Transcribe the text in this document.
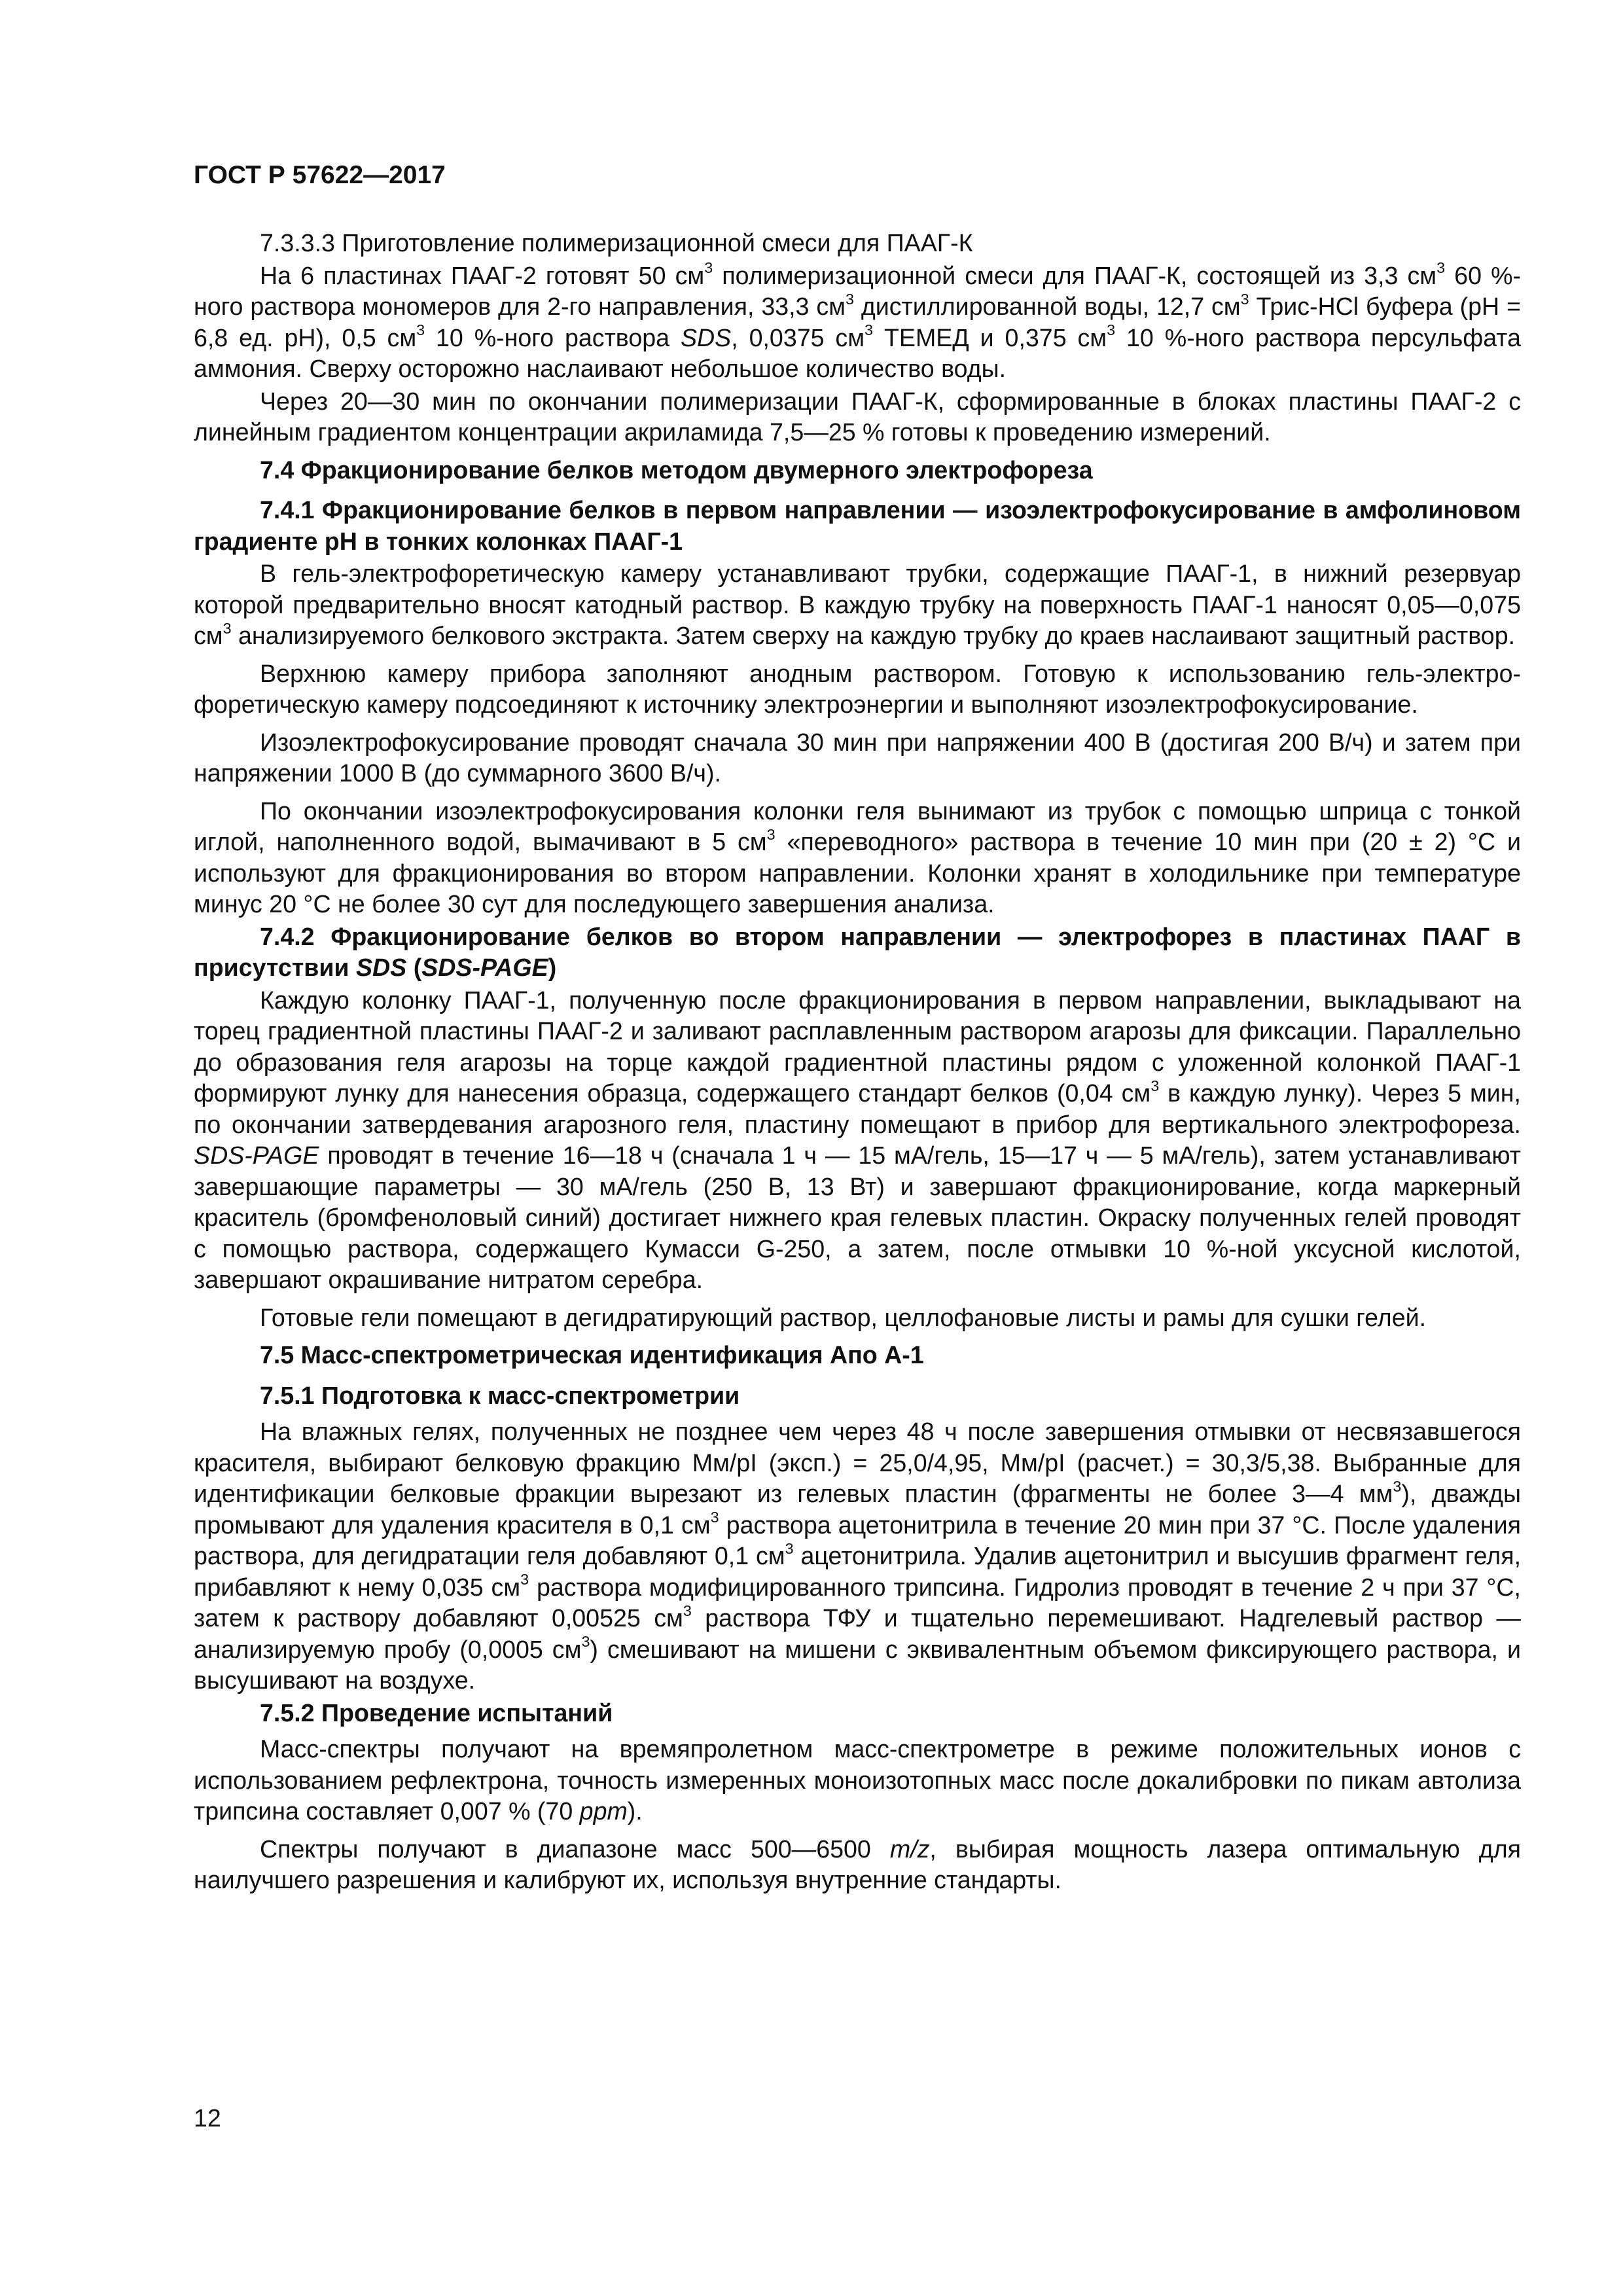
ГОСТ Р 57622—2017

7.3.3.3 Приготовление полимеризационной смеси для ПААГ-К

На 6 пластинах ПААГ-2 готовят 50 $см^3$ полимеризационной смеси для ПААГ-К, состоящей из 3,3 $см^3$ 60 %-ного раствора мономеров для 2-го направления, 33,3 $см^3$ дистиллированной воды, 12,7 $см^3$ Трис-HCl буфера (pH = 6,8 ед. pH), 0,5 $см^3$ 10 %-ного раствора SDS, 0,0375 $см^3$ ТЕМЕД и 0,375 $см^3$ 10 %-ного раствора персульфата аммония. Сверху осторожно наслаивают небольшое количество воды.

Через 20—30 мин по окончании полимеризации ПААГ-К, сформированные в блоках пластины ПААГ-2 с линейным градиентом концентрации акриламида 7,5—25 % готовы к проведению измерений.

7.4 Фракционирование белков методом двумерного электрофореза
7.4.1 Фракционирование белков в первом направлении — изоэлектрофокусирование в амфолиновом градиенте pH в тонких колонках ПААГ-1

В гель-электрофоретическую камеру устанавливают трубки, содержащие ПААГ-1, в нижний резервуар которой предварительно вносят катодный раствор. В каждую трубку на поверхность ПААГ-1 наносят 0,05—0,075 $см^3$ анализируемого белкового экстракта. Затем сверху на каждую трубку до краев наслаивают защитный раствор.

Верхнюю камеру прибора заполняют анодным раствором. Готовую к использованию гель-электрофоретическую камеру подсоединяют к источнику электроэнергии и выполняют изоэлектрофокусирование.

Изоэлектрофокусирование проводят сначала 30 мин при напряжении 400 В (достигая 200 В/ч) и затем при напряжении 1000 В (до суммарного 3600 В/ч).

По окончании изоэлектрофокусирования колонки геля вынимают из трубок с помощью шприца с тонкой иглой, наполненного водой, вымачивают в 5 $см^3$ «переводного» раствора в течение 10 мин при (20 ± 2) °С и используют для фракционирования во втором направлении. Колонки хранят в холодильнике при температуре минус 20 °С не более 30 сут для последующего завершения анализа.

7.4.2 Фракционирование белков во втором направлении — электрофорез в пластинах ПААГ в присутствии SDS (SDS-PAGE)

Каждую колонку ПААГ-1, полученную после фракционирования в первом направлении, выкладывают на торец градиентной пластины ПААГ-2 и заливают расплавленным раствором агарозы для фиксации. Параллельно до образования геля агарозы на торце каждой градиентной пластины рядом с уложенной колонкой ПААГ-1 формируют лунку для нанесения образца, содержащего стандарт белков (0,04 $см^3$ в каждую лунку). Через 5 мин, по окончании затвердевания агарозного геля, пластину помещают в прибор для вертикального электрофореза. SDS-PAGE проводят в течение 16—18 ч (сначала 1 ч — 15 мА/гель, 15—17 ч — 5 мА/гель), затем устанавливают завершающие параметры — 30 мА/гель (250 В, 13 Вт) и завершают фракционирование, когда маркерный краситель (бромфеноловый синий) достигает нижнего края гелевых пластин. Окраску полученных гелей проводят с помощью раствора, содержащего Кумасси G-250, а затем, после отмывки 10 %-ной уксусной кислотой, завершают окрашивание нитратом серебра.

Готовые гели помещают в дегидратирующий раствор, целлофановые листы и рамы для сушки гелей.

7.5 Масс-спектрометрическая идентификация Апо А-1
7.5.1 Подготовка к масс-спектрометрии

На влажных гелях, полученных не позднее чем через 48 ч после завершения отмывки от несвязавшегося красителя, выбирают белковую фракцию Мм/pI (эксп.) = 25,0/4,95, Мм/pI (расчет.) = 30,3/5,38. Выбранные для идентификации белковые фракции вырезают из гелевых пластин (фрагменты не более 3—4 $мм^3$), дважды промывают для удаления красителя в 0,1 $см^3$ раствора ацетонитрила в течение 20 мин при 37 °С. После удаления раствора, для дегидратации геля добавляют 0,1 $см^3$ ацетонитрила. Удалив ацетонитрил и высушив фрагмент геля, прибавляют к нему 0,035 $см^3$ раствора модифицированного трипсина. Гидролиз проводят в течение 2 ч при 37 °С, затем к раствору добавляют 0,00525 $см^3$ раствора ТФУ и тщательно перемешивают. Надгелевый раствор — анализируемую пробу (0,0005 $см^3$) смешивают на мишени с эквивалентным объемом фиксирующего раствора, и высушивают на воздухе.

7.5.2 Проведение испытаний

Масс-спектры получают на времяпролетном масс-спектрометре в режиме положительных ионов с использованием рефлектрона, точность измеренных моноизотопных масс после докалибровки по пикам автолиза трипсина составляет 0,007 % (70 ppm).

Спектры получают в диапазоне масс 500—6500 m/z, выбирая мощность лазера оптимальную для наилучшего разрешения и калибруют их, используя внутренние стандарты.

12
